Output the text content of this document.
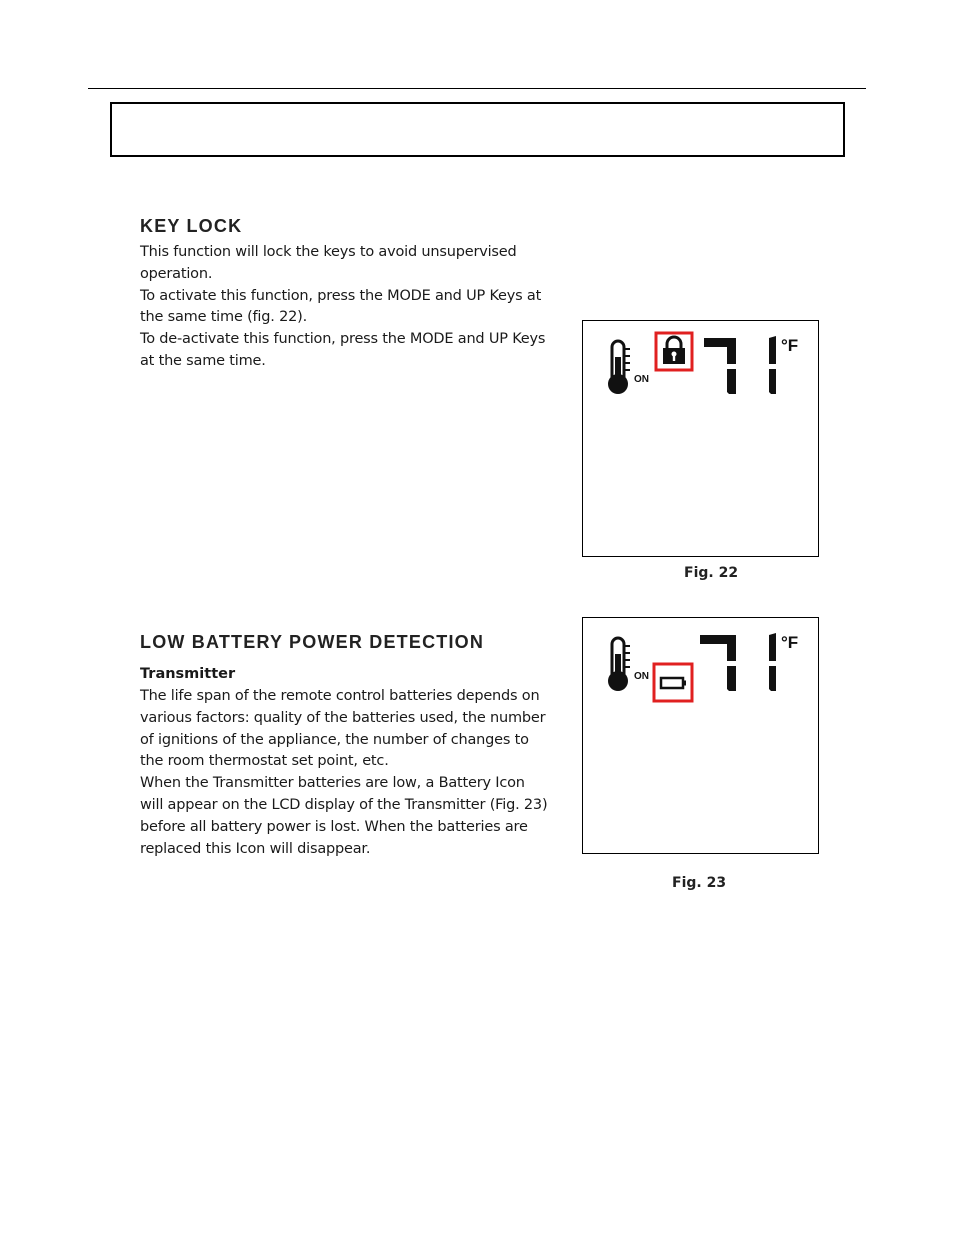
KEY LOCK
This function will lock the keys to avoid unsupervised
operation.
To activate this function, press the MODE and UP Keys at
the same time (fig. 22).
To de-activate this function, press the MODE and UP Keys
at the same time.
ON
°F

Fig. 22

LOW BATTERY POWER DETECTION

Transmitter

The life span of the remote control batteries depends on
various factors: quality of the batteries used, the number
of ignitions of the appliance, the number of changes to
the room thermostat set point, etc.
When the Transmitter batteries are low, a Battery Icon
will appear on the LCD display of the Transmitter (Fig. 23)
before all battery power is lost. When the batteries are
replaced this Icon will disappear.
ON
°F

Fig. 23
